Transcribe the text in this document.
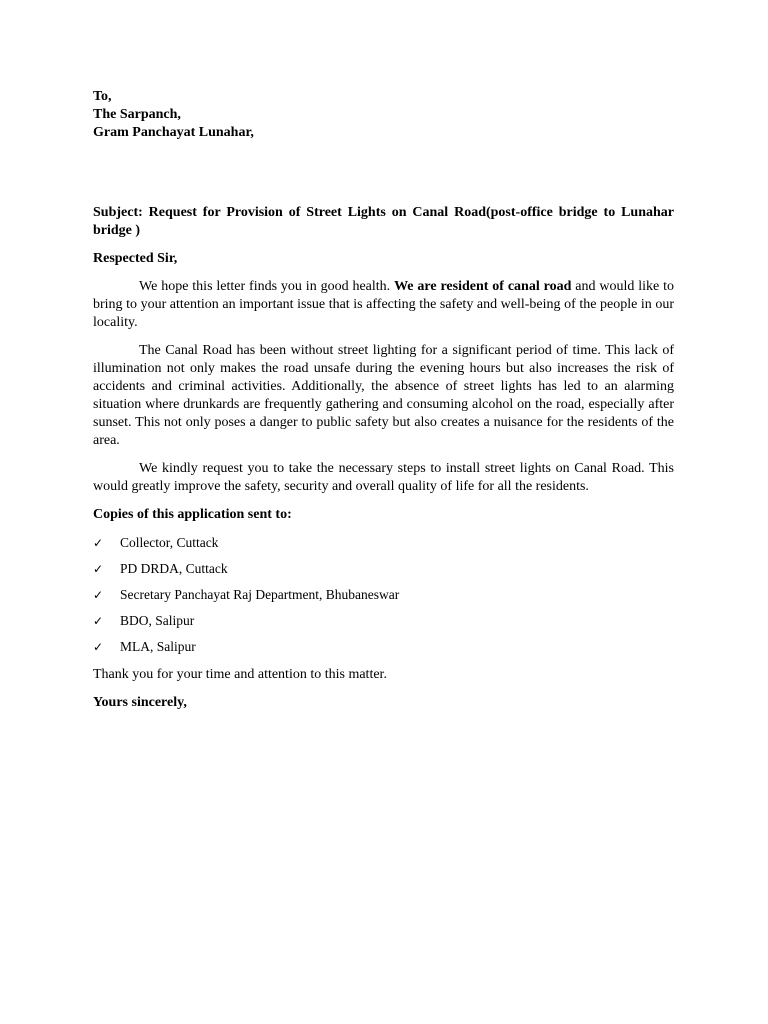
To,

The Sarpanch,

Gram Panchayat Lunahar,

Subject: Request for Provision of Street Lights on Canal Road(post-office bridge to Lunahar bridge )

Respected Sir,

We hope this letter finds you in good health. We are resident of canal road and would like to bring to your attention an important issue that is affecting the safety and well-being of the people in our locality.

The Canal Road has been without street lighting for a significant period of time. This lack of illumination not only makes the road unsafe during the evening hours but also increases the risk of accidents and criminal activities. Additionally, the absence of street lights has led to an alarming situation where drunkards are frequently gathering and consuming alcohol on the road, especially after sunset. This not only poses a danger to public safety but also creates a nuisance for the residents of the area.

We kindly request you to take the necessary steps to install street lights on Canal Road. This would greatly improve the safety, security and overall quality of life for all the residents.

Copies of this application sent to:

✓	Collector, Cuttack
✓	PD DRDA, Cuttack
✓	Secretary Panchayat Raj Department, Bhubaneswar
✓	BDO, Salipur
✓	MLA, Salipur

Thank you for your time and attention to this matter.

Yours sincerely,
